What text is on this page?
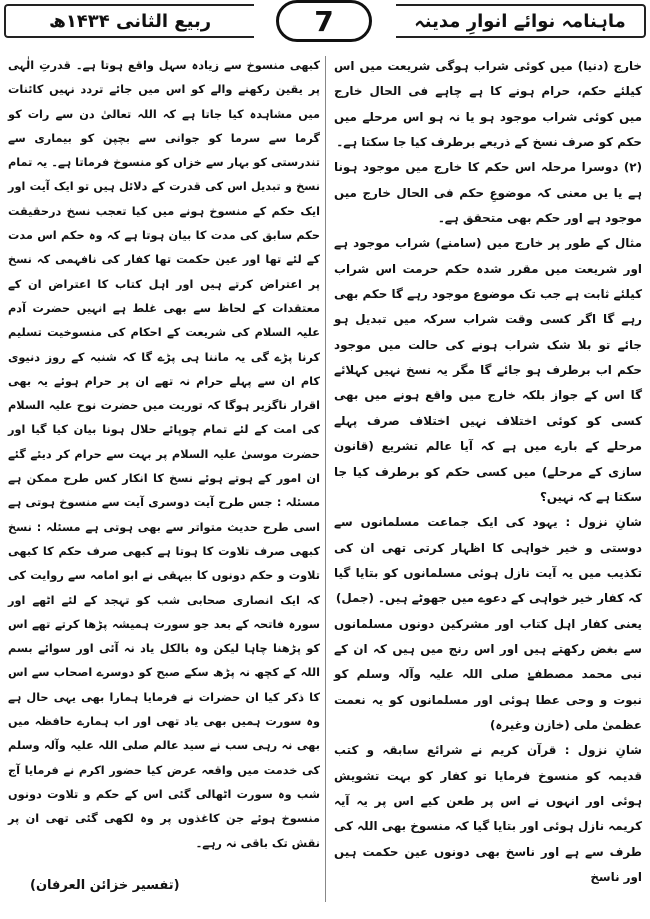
ربیع الثانی ۱۴۳۴ھ	7	ماہنامہ نوائے انوارِ مدینہ

خارج (دنیا) میں کوئی شراب ہوگی شریعت میں اس کیلئے حکم، حرام ہونے کا ہے چاہے فی الحال خارج میں کوئی شراب موجود ہو یا نہ ہو اس مرحلے میں حکم کو صرف نسخ کے ذریعے برطرف کیا جا سکتا ہے۔

(۲) دوسرا مرحلہ اس حکم کا خارج میں موجود ہونا ہے یا یں معنی کہ موضوعِ حکم فی الحال خارج میں موجود ہے اور حکم بھی متحقق ہے۔

مثال کے طور پر خارج میں (سامنے) شراب موجود ہے اور شریعت میں مقرر شدہ حکم حرمت اس شراب کیلئے ثابت ہے جب تک موضوع موجود رہے گا حکم بھی رہے گا اگر کسی وقت شراب سرکہ میں تبدیل ہو جائے تو بلا شک شراب ہونے کی حالت میں موجود حکم اب برطرف ہو جائے گا مگر یہ نسخ نہیں کہلائے گا اس کے جواز بلکہ خارج میں واقع ہونے میں بھی کسی کو کوئی اختلاف نہیں اختلاف صرف پہلے مرحلے کے بارے میں ہے کہ آیا عالم تشریع (قانون سازی کے مرحلے) میں کسی حکم کو برطرف کیا جا سکتا ہے کہ نہیں؟

شانِ نزول : یہود کی ایک جماعت مسلمانوں سے دوستی و خیر خواہی کا اظہار کرتی تھی ان کی تکذیب میں یہ آیت نازل ہوئی مسلمانوں کو بتایا گیا کہ کفار خیر خواہی کے دعوے میں جھوٹے ہیں۔ (جمل)

یعنی کفار اہل کتاب اور مشرکین دونوں مسلمانوں سے بغض رکھتے ہیں اور اس رنج میں ہیں کہ ان کے نبی محمد مصطفےٰ صلی اللہ علیہ وآلہ وسلم کو نبوت و وحی عطا ہوئی اور مسلمانوں کو یہ نعمت عظمیٰ ملی (خازن وغیرہ)

شانِ نزول : قرآن کریم نے شرائع سابقہ و کتب قدیمہ کو منسوخ فرمایا تو کفار کو بہت تشویش ہوئی اور انہوں نے اس پر طعن کیے اس پر یہ آیہ کریمہ نازل ہوئی اور بتایا گیا کہ منسوخ بھی اللہ کی طرف سے ہے اور ناسخ بھی دونوں عین حکمت ہیں اور ناسخ

کبھی منسوخ سے زیادہ سہل واقع ہوتا ہے۔ قدرتِ الٰہی پر یقین رکھنے والے کو اس میں جائے تردد نہیں کائنات میں مشاہدہ کیا جاتا ہے کہ اللہ تعالیٰ دن سے رات کو گرما سے سرما کو جوانی سے بچپن کو بیماری سے تندرستی کو بہار سے خزاں کو منسوخ فرماتا ہے۔ یہ تمام نسخ و تبدیل اس کی قدرت کے دلائل ہیں تو ایک آیت اور ایک حکم کے منسوخ ہونے میں کیا تعجب نسخ درحقیقت حکم سابق کی مدت کا بیان ہوتا ہے کہ وہ حکم اس مدت کے لئے تھا اور عین حکمت تھا کفار کی نافہمی کہ نسخ پر اعتراض کرتے ہیں اور اہل کتاب کا اعتراض ان کے معتقدات کے لحاظ سے بھی غلط ہے انہیں حضرت آدم علیہ السلام کی شریعت کے احکام کی منسوخیت تسلیم کرنا پڑے گی یہ ماننا ہی پڑے گا کہ شنبہ کے روز دنیوی کام ان سے پہلے حرام نہ تھے ان پر حرام ہوئے یہ بھی اقرار ناگزیر ہوگا کہ توریت میں حضرت نوح علیہ السلام کی امت کے لئے تمام چوپائے حلال ہونا بیان کیا گیا اور حضرت موسیٰ علیہ السلام پر بہت سے حرام کر دیئے گئے ان امور کے ہوتے ہوئے نسخ کا انکار کس طرح ممکن ہے مسئلہ : جس طرح آیت دوسری آیت سے منسوخ ہوتی ہے اسی طرح حدیث متواتر سے بھی ہوتی ہے مسئلہ : نسخ کبھی صرف تلاوت کا ہوتا ہے کبھی صرف حکم کا کبھی تلاوت و حکم دونوں کا بیہقی نے ابو امامہ سے روایت کی کہ ایک انصاری صحابی شب کو تہجد کے لئے اٹھے اور سورہ فاتحہ کے بعد جو سورت ہمیشہ پڑھا کرتے تھے اس کو پڑھنا چاہا لیکن وہ بالکل یاد نہ آئی اور سوائے بسم اللہ کے کچھ نہ پڑھ سکے صبح کو دوسرے اصحاب سے اس کا ذکر کیا ان حضرات نے فرمایا ہمارا بھی یہی حال ہے وہ سورت ہمیں بھی یاد تھی اور اب ہمارے حافظہ میں بھی نہ رہی سب نے سید عالم صلی اللہ علیہ وآلہ وسلم کی خدمت میں واقعہ عرض کیا حضور اکرم نے فرمایا آج شب وہ سورت اٹھالی گئی اس کے حکم و تلاوت دونوں منسوخ ہوئے جن کاغذوں پر وہ لکھی گئی تھی ان پر نقش تک باقی نہ رہے۔

(تفسیر خزائن العرفان)
